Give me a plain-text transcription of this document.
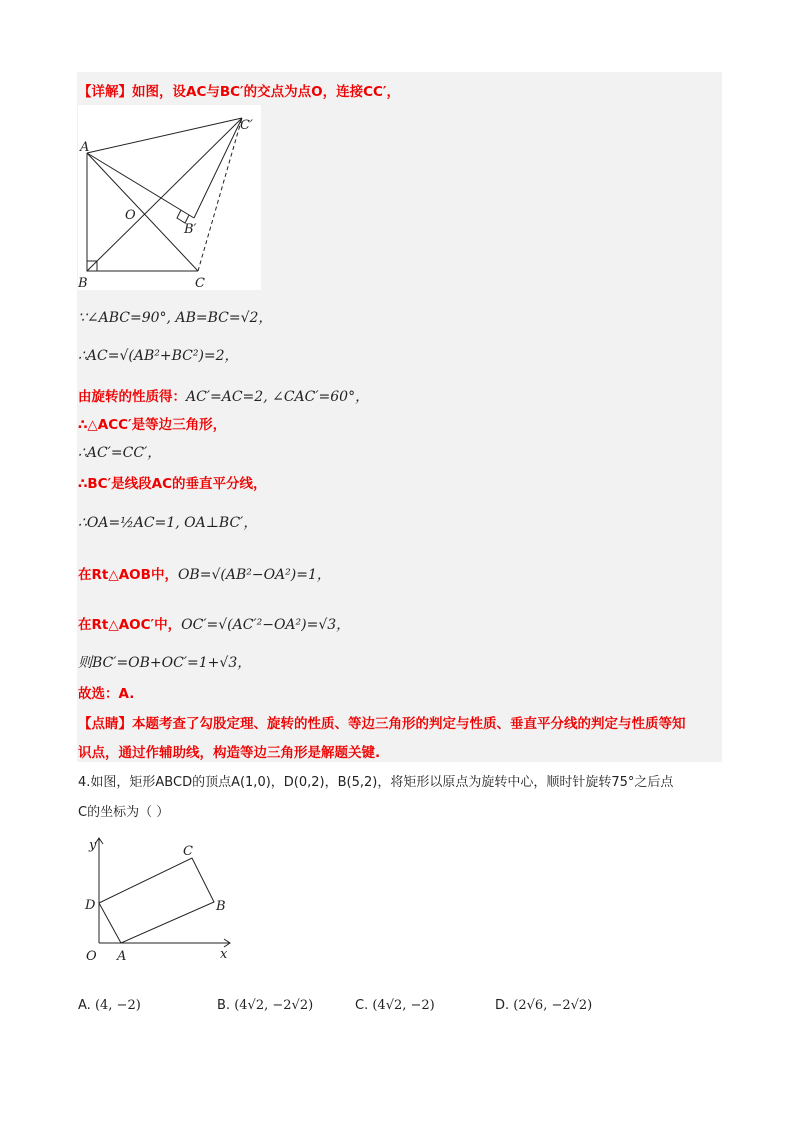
【详解】如图，设AC与BC′的交点为点O，连接CC′，
A
B	C
O
B′
C′
∵∠ABC=90°, AB=BC=√2，
∴AC=√(AB²+BC²)=2，
由旋转的性质得：AC′=AC=2, ∠CAC′=60°，
∴△ACC′是等边三角形，
∴AC′=CC′，
∴BC′是线段AC的垂直平分线，
∴OA=½AC=1, OA⊥BC′，
在Rt△AOB中，OB=√(AB²−OA²)=1，
在Rt△AOC′中，OC′=√(AC′²−OA²)=√3，
则BC′=OB+OC′=1+√3，
故选：A.
【点睛】本题考查了勾股定理、旋转的性质、等边三角形的判定与性质、垂直平分线的判定与性质等知
识点，通过作辅助线，构造等边三角形是解题关键.
4.如图，矩形ABCD的顶点A(1,0)，D(0,2)，B(5,2)，将矩形以原点为旋转中心，顺时针旋转75°之后点
C的坐标为（ ）
y
x
O A
B
C
D
A. (4, −2)	B. (4√2, −2√2)	C. (4√2, −2)	D. (2√6, −2√2)
